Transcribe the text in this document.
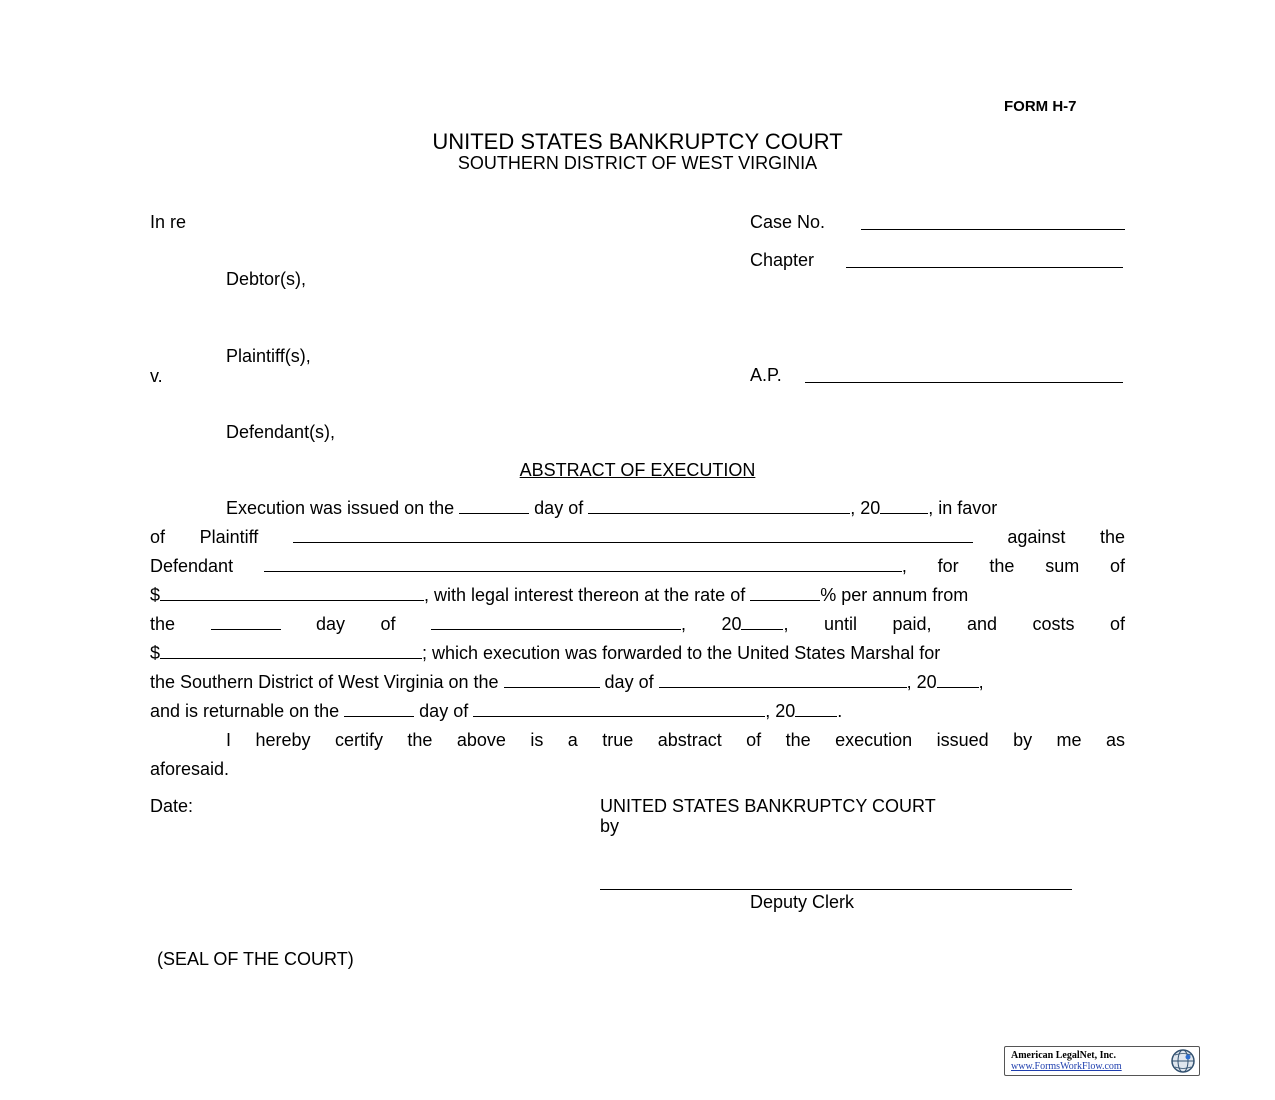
FORM H-7
UNITED STATES BANKRUPTCY COURT
SOUTHERN DISTRICT OF WEST VIRGINIA
In re
Debtor(s),
Plaintiff(s),
v.
Defendant(s),
Case No.
Chapter
A.P.
ABSTRACT OF EXECUTION
Execution was issued on the	day of	, 20	, in favor
of Plaintiff	against the
Defendant	, for the sum of
$	, with legal interest thereon at the rate of	% per annum from
the	day of	, 20 , until paid, and costs of
$	; which execution was forwarded to the United States Marshal for
the Southern District of West Virginia on the	day of	, 20 ,
and is returnable on the	day of	, 20 .
I hereby certify the above is a true abstract of the execution issued by me as
aforesaid.
Date:	UNITED STATES BANKRUPTCY COURT
by
Deputy Clerk
(SEAL OF THE COURT)
American LegalNet, Inc.
www.FormsWorkFlow.com
